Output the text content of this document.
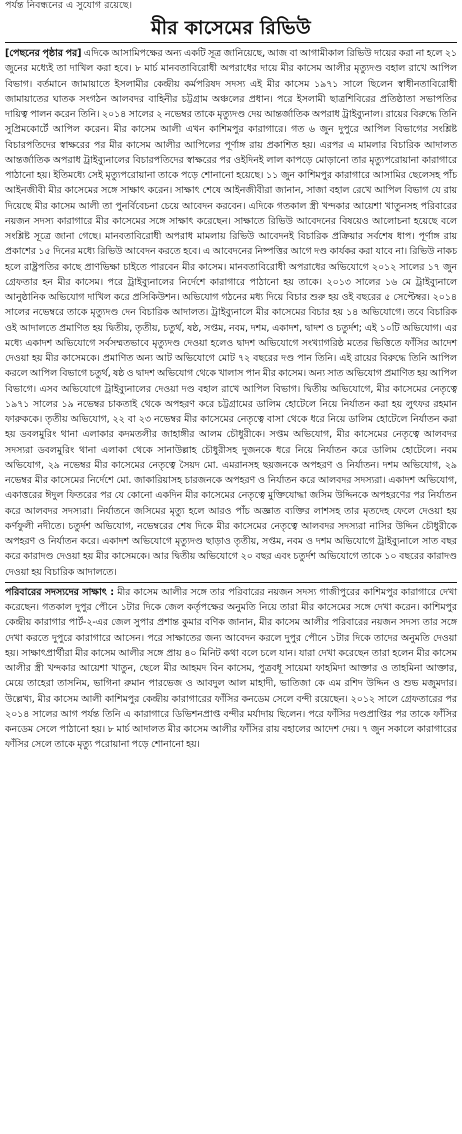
পর্যন্ত নিবন্ধনের এ সুযোগ রয়েছে।
মীর কাসেমের রিভিউ

[পেছনের পৃষ্ঠার পর] এদিকে আসামিপক্ষের অন্য একটি সূত্র জানিয়েছে, আজ বা আগামীকাল রিভিউ দায়ের করা না হলে ২১ জুনের মধ্যেই তা দাখিল করা হবে। ৮ মার্চ মানবতাবিরোধী অপরাধের দায়ে মীর কাসেম আলীর মৃত্যুদণ্ড বহাল রাখে আপিল বিভাগ। বর্তমানে জামায়াতে ইসলামীর কেন্দ্রীয় কর্মপরিষদ সদস্য এই মীর কাসেম ১৯৭১ সালে ছিলেন স্বাধীনতাবিরোধী জামায়াতের ঘাতক সংগঠন আলবদর বাহিনীর চট্টগ্রাম অঞ্চলের প্রধান। পরে ইসলামী ছাত্রশিবিরের প্রতিষ্ঠাতা সভাপতির দায়িত্ব পালন করেন তিনি। ২০১৪ সালের ২ নভেম্বর তাকে মৃত্যুদণ্ড দেয় আন্তর্জাতিক অপরাধ ট্রাইব্যুনাল। রায়ের বিরুদ্ধে তিনি সুপ্রিমকোর্টে আপিল করেন। মীর কাসেম আলী এখন কাশিমপুর কারাগারে। গত ৬ জুন দুপুরে আপিল বিভাগের সংশ্লিষ্ট বিচারপতিদের স্বাক্ষরের পর মীর কাসেম আলীর আপিলের পূর্ণাঙ্গ রায় প্রকাশিত হয়। এরপর এ মামলার বিচারিক আদালত আন্তর্জাতিক অপরাধ ট্রাইব্যুনালের বিচারপতিদের স্বাক্ষরের পর ওইদিনই লাল কাপড়ে মোড়ানো তার মৃত্যুপরোয়ানা কারাগারে পাঠানো হয়। ইতিমধ্যে সেই মৃত্যুপরোয়ানা তাকে পড়ে শোনানো হয়েছে। ১১ জুন কাশিমপুর কারাগারে আসামির ছেলেসহ পাঁচ আইনজীবী মীর কাসেমের সঙ্গে সাক্ষাৎ করেন। সাক্ষাৎ শেষে আইনজীবীরা জানান, সাজা বহাল রেখে আপিল বিভাগ যে রায় দিয়েছে মীর কাসেম আলী তা পুনর্বিবেচনা চেয়ে আবেদন করবেন। এদিকে গতকাল স্ত্রী খন্দকার আয়েশা খাতুনসহ পরিবারের নয়জন সদস্য কারাগারে মীর কাসেমের সঙ্গে সাক্ষাৎ করেছেন। সাক্ষাতে রিভিউ আবেদনের বিষয়েও আলোচনা হয়েছে বলে সংশ্লিষ্ট সূত্রে জানা গেছে। মানবতাবিরোধী অপরাধ মামলায় রিভিউ আবেদনই বিচারিক প্রক্রিয়ার সর্বশেষ ধাপ। পূর্ণাঙ্গ রায় প্রকাশের ১৫ দিনের মধ্যে রিভিউ আবেদন করতে হবে। এ আবেদনের নিষ্পত্তির আগে দণ্ড কার্যকর করা যাবে না। রিভিউ নাকচ হলে রাষ্ট্রপতির কাছে প্রাণভিক্ষা চাইতে পারবেন মীর কাসেম। মানবতাবিরোধী অপরাধের অভিযোগে ২০১২ সালের ১৭ জুন গ্রেফতার হন মীর কাসেম। পরে ট্রাইব্যুনালের নির্দেশে কারাগারে পাঠানো হয় তাকে। ২০১৩ সালের ১৬ মে ট্রাইব্যুনালে আনুষ্ঠানিক অভিযোগ দাখিল করে প্রসিকিউশন। অভিযোগ গঠনের মধ্য দিয়ে বিচার শুরু হয় ওই বছরের ৫ সেপ্টেম্বর। ২০১৪ সালের নভেম্বরে তাকে মৃত্যুদণ্ড দেন বিচারিক আদালত। ট্রাইব্যুনালে মীর কাসেমের বিচার হয় ১৪ অভিযোগে। তবে বিচারিক ওই আদালতে প্রমাণিত হয় দ্বিতীয়, তৃতীয়, চতুর্থ, ষষ্ঠ, সপ্তম, নবম, দশম, একাদশ, দ্বাদশ ও চতুর্দশ; এই ১০টি অভিযোগ। এর মধ্যে একাদশ অভিযোগে সর্বসম্মতভাবে মৃত্যুদণ্ড দেওয়া হলেও দ্বাদশ অভিযোগে সংখ্যাগরিষ্ঠ মতের ভিত্তিতে ফাঁসির আদেশ দেওয়া হয় মীর কাসেমকে। প্রমাণিত অন্য আট অভিযোগে মোট ৭২ বছরের দণ্ড পান তিনি। এই রায়ের বিরুদ্ধে তিনি আপিল করলে আপিল বিভাগে চতুর্থ, ষষ্ঠ ও দ্বাদশ অভিযোগ থেকে খালাস পান মীর কাসেম। অন্য সাত অভিযোগ প্রমাণিত হয় আপিল বিভাগে। এসব অভিযোগে ট্রাইব্যুনালের দেওয়া দণ্ড বহাল রাখে আপিল বিভাগ। দ্বিতীয় অভিযোগে, মীর কাসেমের নেতৃত্বে ১৯৭১ সালের ১৯ নভেম্বর চাকতাই থেকে অপহরণ করে চট্টগ্রামের ডালিম হোটেলে নিয়ে নির্যাতন করা হয় লুৎফর রহমান ফারুককে। তৃতীয় অভিযোগ, ২২ বা ২৩ নভেম্বর মীর কাসেমের নেতৃত্বে বাসা থেকে ধরে নিয়ে ডালিম হোটেলে নির্যাতন করা হয় ডবলমুরিং থানা এলাকার কদমতলীর জাহাঙ্গীর আলম চৌধুরীকে। সপ্তম অভিযোগ, মীর কাসেমের নেতৃত্বে আলবদর সদস্যরা ডবলমুরিং থানা এলাকা থেকে সানাউল্লাহ চৌধুরীসহ দুজনকে ধরে নিয়ে নির্যাতন করে ডালিম হোটেলে। নবম অভিযোগ, ২৯ নভেম্বর মীর কাসেমের নেতৃত্বে সৈয়দ মো. এমরানসহ ছয়জনকে অপহরণ ও নির্যাতন। দশম অভিযোগ, ২৯ নভেম্বর মীর কাসেমের নির্দেশে মো. জাকারিয়াসহ চারজনকে অপহরণ ও নির্যাতন করে আলবদর সদস্যরা। একাদশ অভিযোগ, একাত্তরের ঈদুল ফিতরের পর যে কোনো একদিন মীর কাসেমের নেতৃত্বে মুক্তিযোদ্ধা জসিম উদ্দিনকে অপহরণের পর নির্যাতন করে আলবদর সদস্যরা। নির্যাতনে জসিমের মৃত্যু হলে আরও পাঁচ অজ্ঞাত ব্যক্তির লাশসহ তার মৃতদেহ ফেলে দেওয়া হয় কর্ণফুলী নদীতে। চতুর্দশ অভিযোগ, নভেম্বরের শেষ দিকে মীর কাসেমের নেতৃত্বে আলবদর সদস্যরা নাসির উদ্দিন চৌধুরীকে অপহরণ ও নির্যাতন করে। একাদশ অভিযোগে মৃত্যুদণ্ড ছাড়াও তৃতীয়, সপ্তম, নবম ও দশম অভিযোগে ট্রাইব্যুনালে সাত বছর করে কারাদণ্ড দেওয়া হয় মীর কাসেমকে। আর দ্বিতীয় অভিযোগে ২০ বছর এবং চতুর্দশ অভিযোগে তাকে ১০ বছরের কারাদণ্ড দেওয়া হয় বিচারিক আদালতে।

পরিবারের সদস্যদের সাক্ষাৎ : মীর কাসেম আলীর সঙ্গে তার পরিবারের নয়জন সদস্য গাজীপুরের কাশিমপুর কারাগারে দেখা করেছেন। গতকাল দুপুর পৌনে ১টার দিকে জেল কর্তৃপক্ষের অনুমতি নিয়ে তারা মীর কাসেমের সঙ্গে দেখা করেন। কাশিমপুর কেন্দ্রীয় কারাগার পার্ট-২-এর জেল সুপার প্রশান্ত কুমার বণিক জানান, মীর কাসেম আলীর পরিবারের নয়জন সদস্য তার সঙ্গে দেখা করতে দুপুরে কারাগারে আসেন। পরে সাক্ষাতের জন্য আবেদন করলে দুপুর পৌনে ১টার দিকে তাদের অনুমতি দেওয়া হয়। সাক্ষাৎপ্রার্থীরা মীর কাসেম আলীর সঙ্গে প্রায় ৪০ মিনিট কথা বলে চলে যান। যারা দেখা করেছেন তারা হলেন মীর কাসেম আলীর স্ত্রী খন্দকার আয়েশা খাতুন, ছেলে মীর আহমদ বিন কাসেম, পুত্রবধূ সায়েমা ফাহমিদা আক্তার ও তাহমিনা আক্তার, মেয়ে তাহেরা তাসনিম, ভাগিনা রুমান পারভেজ ও আবদুল আল মাহাদী, ভাতিজা কে এম রশিদ উদ্দিন ও শুভ মজুমদার। উল্লেখ্য, মীর কাসেম আলী কাশিমপুর কেন্দ্রীয় কারাগারের ফাঁসির কনডেম সেলে বন্দী রয়েছেন। ২০১২ সালে গ্রেফতারের পর ২০১৪ সালের আগ পর্যন্ত তিনি এ কারাগারে ডিভিশনপ্রাপ্ত বন্দীর মর্যাদায় ছিলেন। পরে ফাঁসির দণ্ডপ্রাপ্তির পর তাকে ফাঁসির কনডেম সেলে পাঠানো হয়। ৮ মার্চ আদালত মীর কাসেম আলীর ফাঁসির রায় বহালের আদেশ দেয়। ৭ জুন সকালে কারাগারের ফাঁসির সেলে তাকে মৃত্যু পরোয়ানা পড়ে শোনানো হয়।
